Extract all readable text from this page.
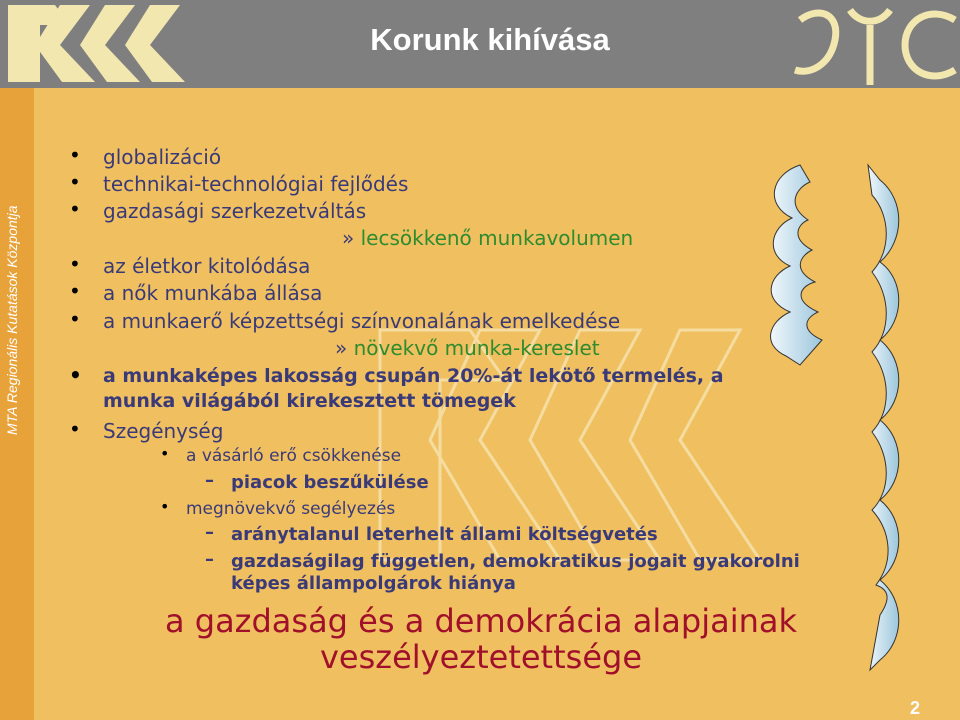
Korunk kihívása
MTA Regionális Kutatások Központja
• globalizáció
• technikai-technológiai fejlődés
• gazdasági szerkezetváltás
» lecsökkenő munkavolumen
• az életkor kitolódása
• a nők munkába állása
• a munkaerő képzettségi színvonalának emelkedése
» növekvő munka-kereslet
• a munkaképes lakosság csupán 20%-át lekötő termelés, a
munka világából kirekesztett tömegek
• Szegénység
• a vásárló erő csökkenése
– piacok beszűkülése
• megnövekvő segélyezés
– aránytalanul leterhelt állami költségvetés
– gazdaságilag független, demokratikus jogait gyakorolni
képes állampolgárok hiánya
a gazdaság és a demokrácia alapjainak
veszélyeztetettsége
2
